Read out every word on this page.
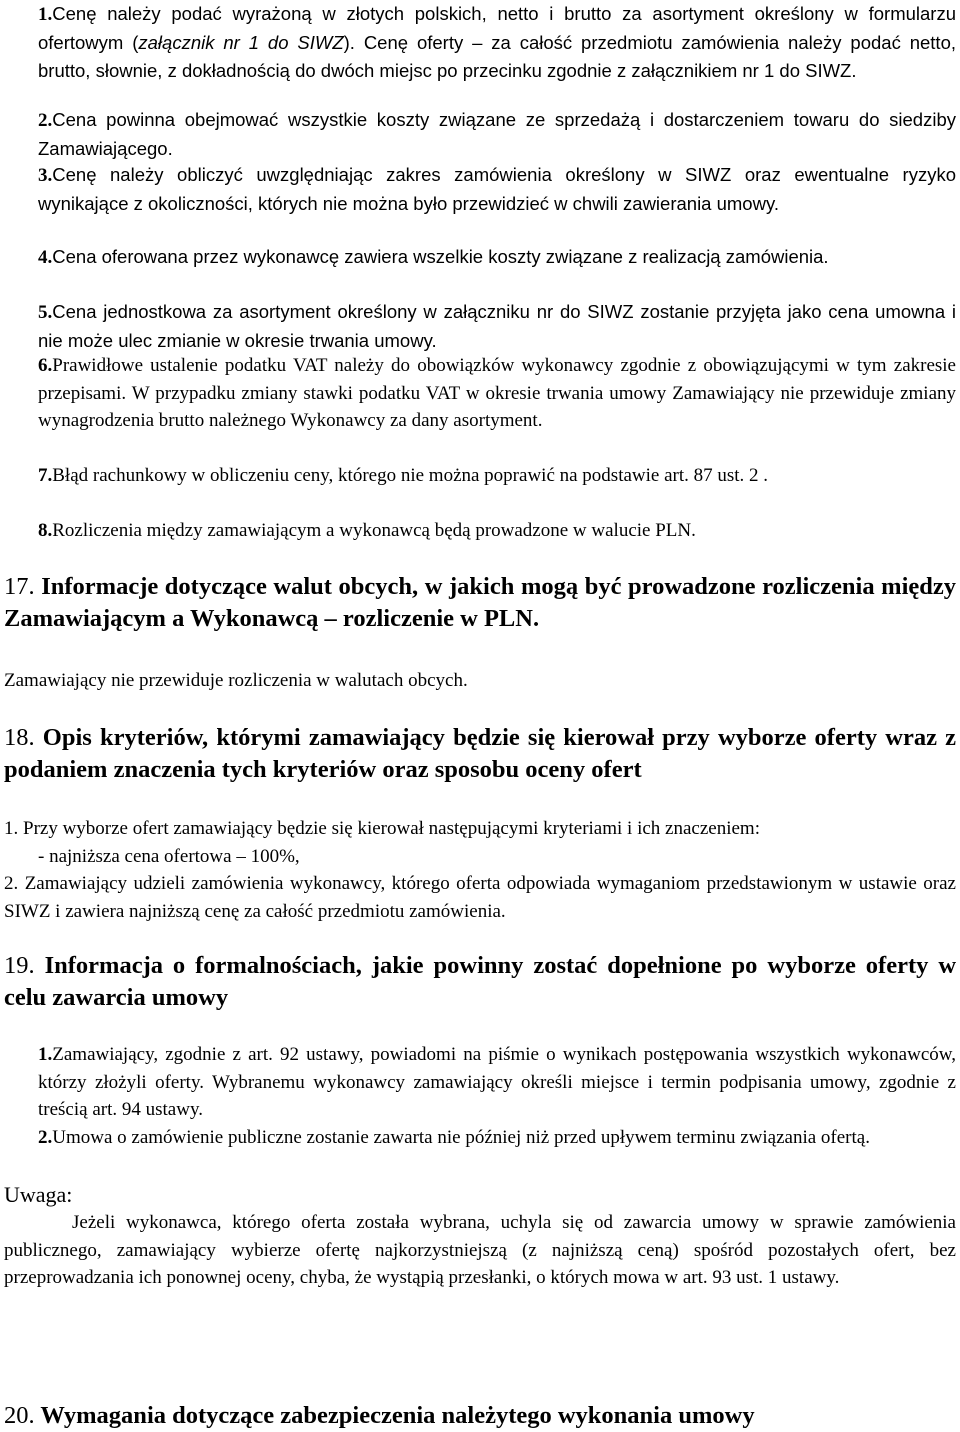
1.Cenę należy podać wyrażoną w złotych polskich, netto i brutto za asortyment określony w formularzu ofertowym (załącznik nr 1 do SIWZ). Cenę oferty – za całość przedmiotu zamówienia należy podać netto, brutto, słownie, z dokładnością do dwóch miejsc po przecinku zgodnie z załącznikiem nr 1 do SIWZ.
2.Cena powinna obejmować wszystkie koszty związane ze sprzedażą i dostarczeniem towaru do siedziby Zamawiającego.
3.Cenę należy obliczyć uwzględniając zakres zamówienia określony w SIWZ oraz ewentualne ryzyko wynikające z okoliczności, których nie można było przewidzieć w chwili zawierania umowy.
4.Cena oferowana przez wykonawcę zawiera wszelkie koszty związane z realizacją zamówienia.
5.Cena jednostkowa za asortyment określony w załączniku nr do SIWZ zostanie przyjęta jako cena umowna i nie może ulec zmianie w okresie trwania umowy.
6.Prawidłowe ustalenie podatku VAT należy do obowiązków wykonawcy zgodnie z obowiązującymi w tym zakresie przepisami. W przypadku zmiany stawki podatku VAT w okresie trwania umowy Zamawiający nie przewiduje zmiany wynagrodzenia brutto należnego Wykonawcy za dany asortyment.
7.Błąd rachunkowy w obliczeniu ceny, którego nie można poprawić na podstawie art. 87 ust. 2 .
8.Rozliczenia między zamawiającym a wykonawcą będą prowadzone w walucie PLN.
17. Informacje dotyczące walut obcych, w jakich mogą być prowadzone rozliczenia między Zamawiającym a Wykonawcą – rozliczenie w PLN.
Zamawiający nie przewiduje rozliczenia w walutach obcych.
18. Opis kryteriów, którymi zamawiający będzie się kierował przy wyborze oferty wraz z podaniem znaczenia tych kryteriów oraz sposobu oceny ofert
1. Przy wyborze ofert zamawiający będzie się kierował następującymi kryteriami i ich znaczeniem:
- najniższa cena ofertowa – 100%,
2. Zamawiający udzieli zamówienia wykonawcy, którego oferta odpowiada wymaganiom przedstawionym w ustawie oraz SIWZ i zawiera najniższą cenę za całość przedmiotu zamówienia.
19. Informacja o formalnościach, jakie powinny zostać dopełnione po wyborze oferty w celu zawarcia umowy
1.Zamawiający, zgodnie z art. 92 ustawy, powiadomi na piśmie o wynikach postępowania wszystkich wykonawców, którzy złożyli oferty. Wybranemu wykonawcy zamawiający określi miejsce i termin podpisania umowy, zgodnie z treścią art. 94 ustawy.
2.Umowa o zamówienie publiczne zostanie zawarta nie później niż przed upływem terminu związania ofertą.
Uwaga:
Jeżeli wykonawca, którego oferta została wybrana, uchyla się od zawarcia umowy w sprawie zamówienia publicznego, zamawiający wybierze ofertę najkorzystniejszą (z najniższą ceną) spośród pozostałych ofert, bez przeprowadzania ich ponownej oceny, chyba, że wystąpią przesłanki, o których mowa w art. 93 ust. 1 ustawy.
20. Wymagania dotyczące zabezpieczenia należytego wykonania umowy
